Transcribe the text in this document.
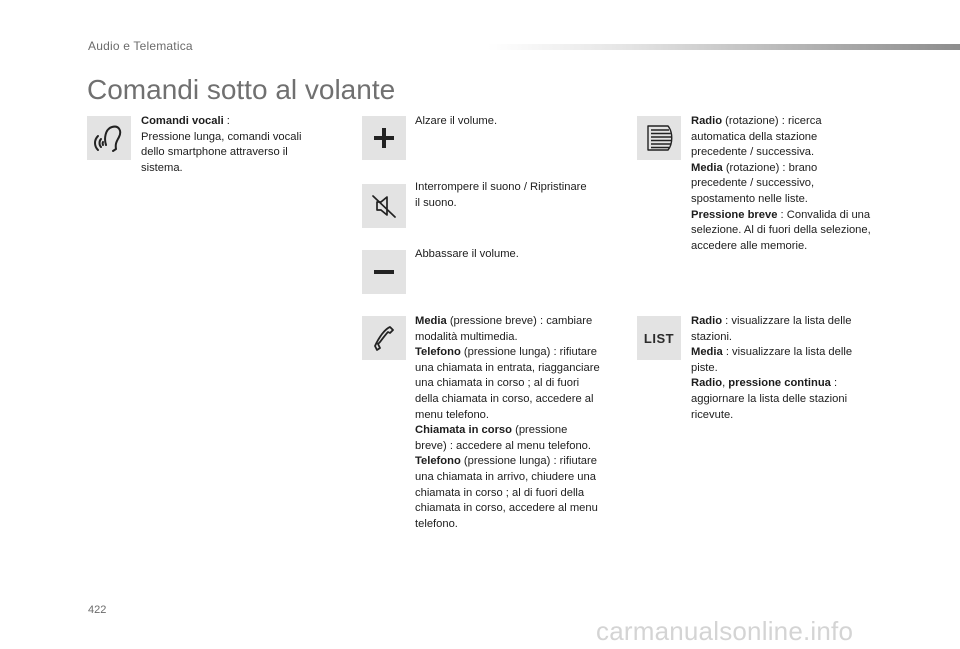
Audio e Telematica
Comandi sotto al volante
Comandi vocali :
Pressione lunga, comandi vocali
dello smartphone attraverso il
sistema.
Alzare il volume.
Interrompere il suono / Ripristinare
il suono.
Abbassare il volume.
Media (pressione breve) : cambiare
modalità multimedia.
Telefono (pressione lunga) : rifiutare
una chiamata in entrata, riagganciare
una chiamata in corso ; al di fuori
della chiamata in corso, accedere al
menu telefono.
Chiamata in corso (pressione
breve) : accedere al menu telefono.
Telefono (pressione lunga) : rifiutare
una chiamata in arrivo, chiudere una
chiamata in corso ; al di fuori della
chiamata in corso, accedere al menu
telefono.
Radio (rotazione) : ricerca
automatica della stazione
precedente / successiva.
Media (rotazione) : brano
precedente / successivo,
spostamento nelle liste.
Pressione breve : Convalida di una
selezione. Al di fuori della selezione,
accedere alle memorie.
LIST
Radio : visualizzare la lista delle
stazioni.
Media : visualizzare la lista delle
piste.
Radio, pressione continua :
aggiornare la lista delle stazioni
ricevute.
422
carmanualsonline.info
